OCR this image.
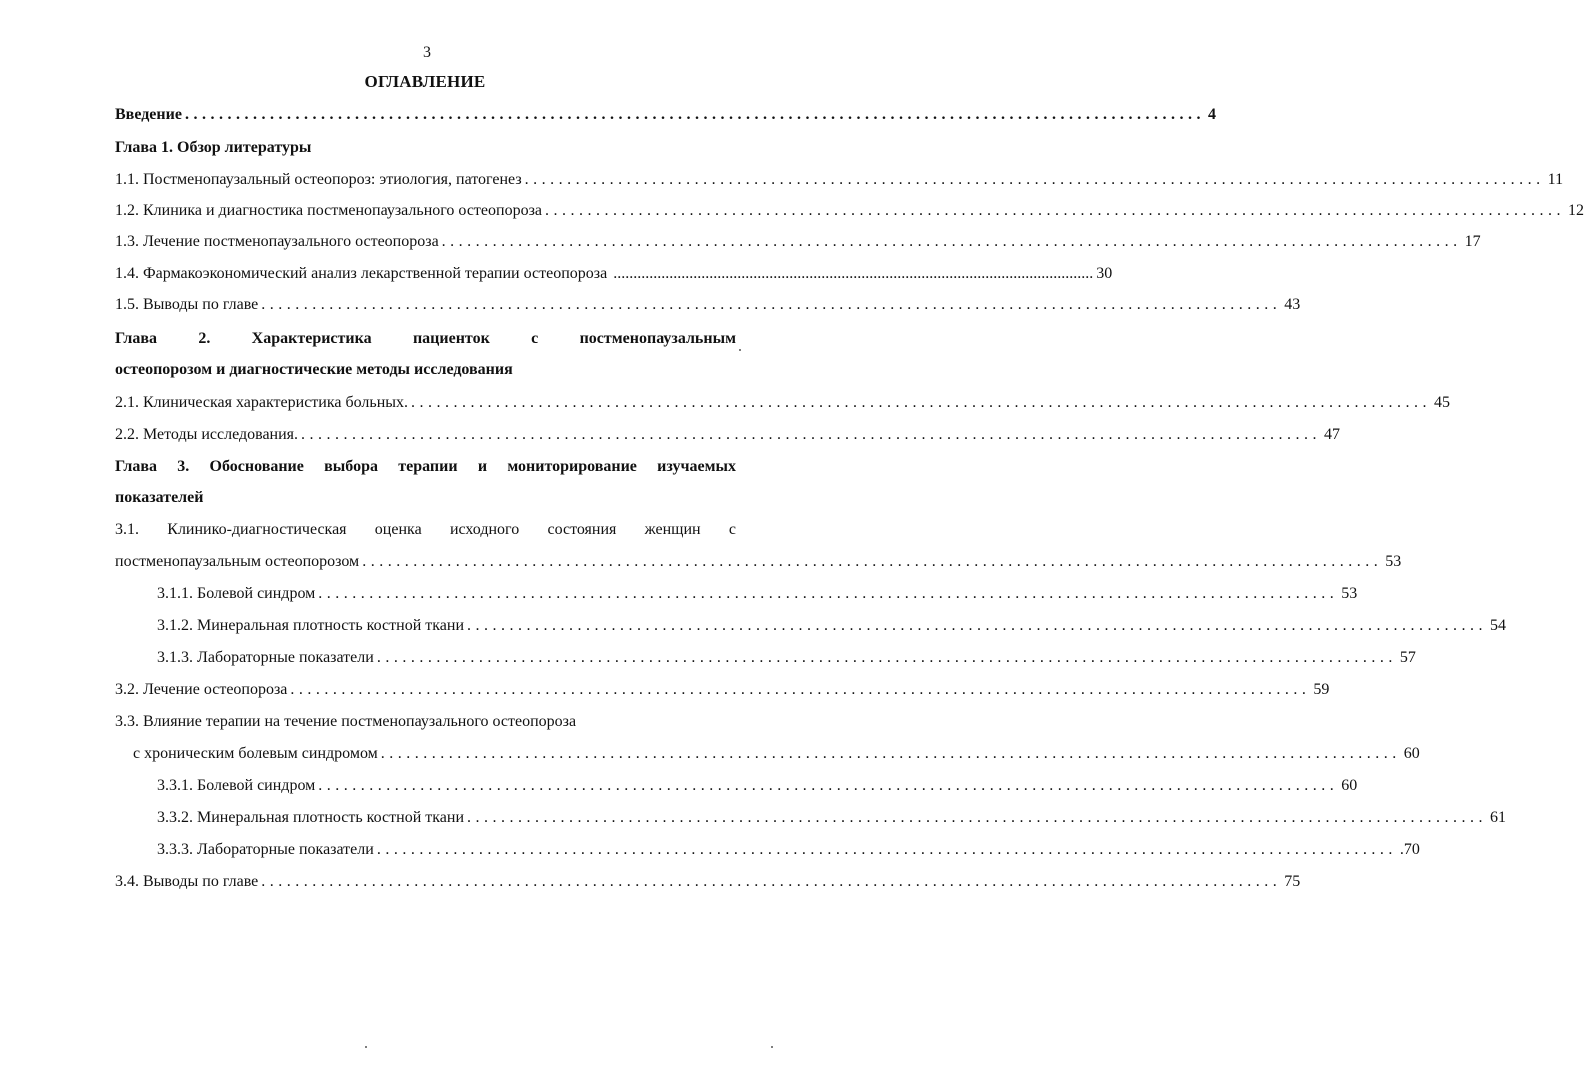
3
ОГЛАВЛЕНИЕ
Введение ........................................................................................................................ 4
Глава 1. Обзор литературы
1.1. Постменопаузальный остеопороз: этиология, патогенез ........................................................................................................................ 11
1.2. Клиника и диагностика постменопаузального остеопороза ........................................................................................................................ 12
1.3. Лечение постменопаузального остеопороза ........................................................................................................................ 17
1.4. Фармакоэкономический анализ лекарственной терапии остеопороза ........................................................................................................................ 30
1.5. Выводы по главе ........................................................................................................................ 43
Глава 2. Характеристика пациенток с постменопаузальным
остеопорозом и диагностические методы исследования
2.1. Клиническая характеристика больных. ........................................................................................................................ 45
2.2. Методы исследования. ........................................................................................................................ 47
Глава 3. Обоснование выбора терапии и мониторирование изучаемых
показателей
3.1. Клинико-диагностическая оценка исходного состояния женщин с
постменопаузальным остеопорозом ........................................................................................................................ 53
3.1.1. Болевой синдром ........................................................................................................................ 53
3.1.2. Минеральная плотность костной ткани ........................................................................................................................ 54
3.1.3. Лабораторные показатели ........................................................................................................................ 57
3.2. Лечение остеопороза ........................................................................................................................ 59
3.3. Влияние терапии на течение постменопаузального остеопороза
с хроническим болевым синдромом ........................................................................................................................ 60
3.3.1. Болевой синдром ........................................................................................................................ 60
3.3.2. Минеральная плотность костной ткани ........................................................................................................................ 61
3.3.3. Лабораторные показатели ........................................................................................................................ .70
3.4. Выводы по главе ........................................................................................................................ 75
